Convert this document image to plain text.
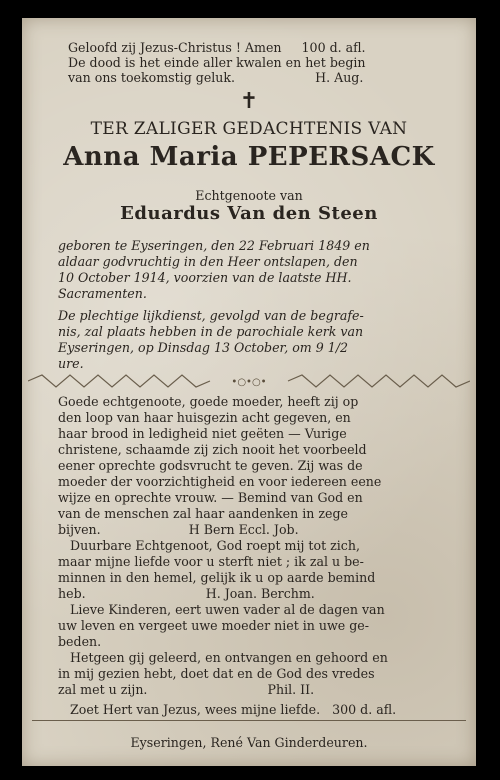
Geloofd zij Jezus-Christus ! Amen     100 d. afl.
De dood is het einde aller kwalen en het begin
van ons toekomstig geluk.                    H. Aug.
✝
TER ZALIGER GEDACHTENIS VAN
Anna Maria PEPERSACK
Echtgenoote van
Eduardus Van den Steen
geboren te Eyseringen, den 22 Februari 1849 en
aldaar godvruchtig in den Heer ontslapen, den
10 October 1914, voorzien van de laatste HH.
Sacramenten.
De plechtige lijkdienst, gevolgd van de begrafe-
nis, zal plaats hebben in de parochiale kerk van
Eyseringen, op Dinsdag 13 October, om 9 1/2
ure.
•○•○•
Goede echtgenoote, goede moeder, heeft zij op
den loop van haar huisgezin acht gegeven, en
haar brood in ledigheid niet geëten — Vurige
christene, schaamde zij zich nooit het voorbeeld
eener oprechte godsvrucht te geven. Zij was de
moeder der voorzichtigheid en voor iedereen eene
wijze en oprechte vrouw. — Bemind van God en
van de menschen zal haar aandenken in zege
bijven.                      H Bern Eccl. Job.
Duurbare Echtgenoot, God roept mij tot zich,
maar mijne liefde voor u sterft niet ; ik zal u be-
minnen in den hemel, gelijk ik u op aarde bemind
heb.                              H. Joan. Berchm.
Lieve Kinderen, eert uwen vader al de dagen van
uw leven en vergeet uwe moeder niet in uwe ge-
beden.
Hetgeen gij geleerd, en ontvangen en gehoord en
in mij gezien hebt, doet dat en de God des vredes
zal met u zijn.                              Phil. II.
Zoet Hert van Jezus, wees mijne liefde.   300 d. afl.
Eyseringen, René Van Ginderdeuren.
